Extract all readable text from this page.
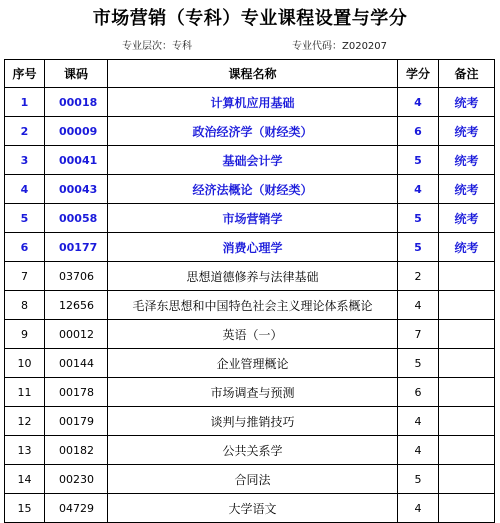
市场营销（专科）专业课程设置与学分
专业层次：专科	专业代码：Z020207
序号	课码	课程名称	学分	备注
1	00018	计算机应用基础	4	统考
2	00009	政治经济学（财经类）	6	统考
3	00041	基础会计学	5	统考
4	00043	经济法概论（财经类）	4	统考
5	00058	市场营销学	5	统考
6	00177	消费心理学	5	统考
7	03706	思想道德修养与法律基础	2	
8	12656	毛泽东思想和中国特色社会主义理论体系概论	4	
9	00012	英语（一）	7	
10	00144	企业管理概论	5	
11	00178	市场调查与预测	6	
12	00179	谈判与推销技巧	4	
13	00182	公共关系学	4	
14	00230	合同法	5	
15	04729	大学语文	4	
